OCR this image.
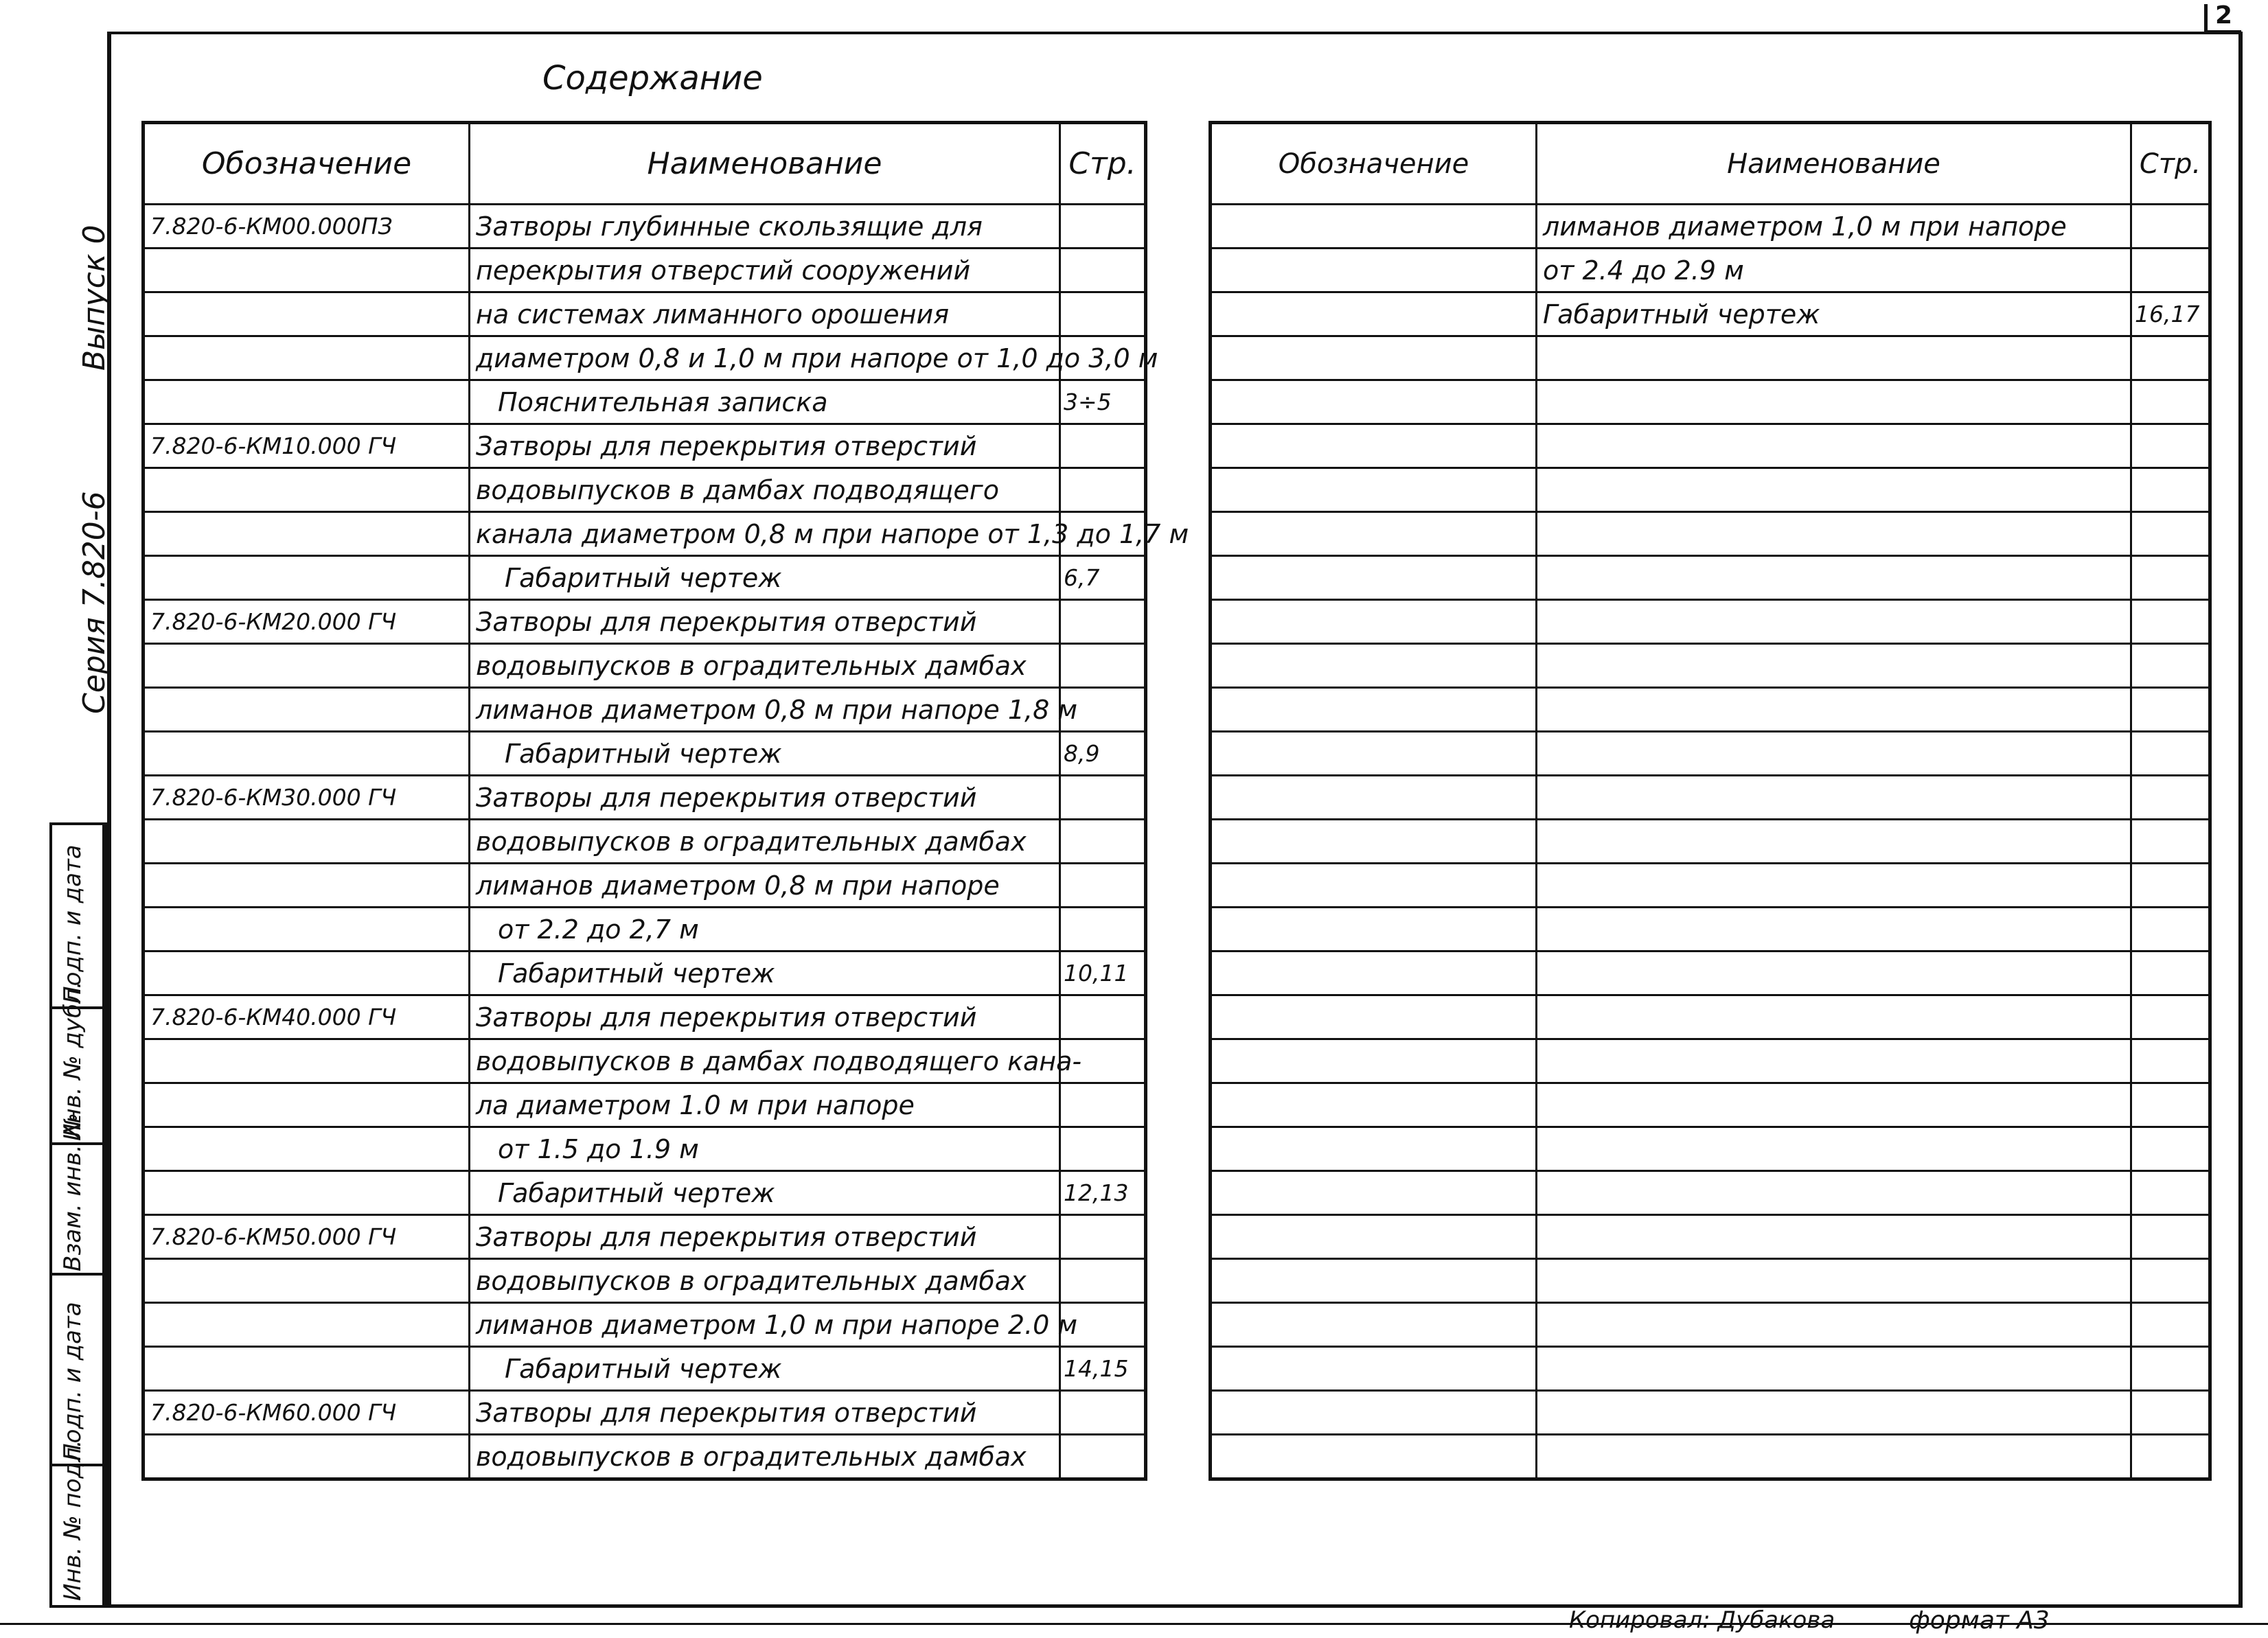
2
Содержание
Выпуск 0
Серия 7.820-6
Подп. и дата
Инв. № дубл.
Взам. инв. №
Подп. и дата
Инв. № подл.
Обозначение	Наименование	Стр.
7.820-6-КМ00.000ПЗ	Затворы глубинные скользящие для	
	перекрытия отверстий сооружений	
	на системах лиманного орошения	
	диаметром 0,8 и 1,0 м при напоре от 1,0 до 3,0 м	
	Пояснительная записка	3÷5
7.820-6-КМ10.000 ГЧ	Затворы для перекрытия отверстий	
	водовыпусков в дамбах подводящего	
	канала диаметром 0,8 м при напоре от 1,3 до 1,7 м	
	Габаритный чертеж	6,7
7.820-6-КМ20.000 ГЧ	Затворы для перекрытия отверстий	
	водовыпусков в оградительных дамбах	
	лиманов диаметром 0,8 м при напоре 1,8 м	
	Габаритный чертеж	8,9
7.820-6-КМ30.000 ГЧ	Затворы для перекрытия отверстий	
	водовыпусков в оградительных дамбах	
	лиманов диаметром 0,8 м при напоре	
	от 2.2 до 2,7 м	
	Габаритный чертеж	10,11
7.820-6-КМ40.000 ГЧ	Затворы для перекрытия отверстий	
	водовыпусков в дамбах подводящего кана-	
	ла диаметром 1.0 м при напоре	
	от 1.5 до 1.9 м	
	Габаритный чертеж	12,13
7.820-6-КМ50.000 ГЧ	Затворы для перекрытия отверстий	
	водовыпусков в оградительных дамбах	
	лиманов диаметром 1,0 м при напоре 2.0 м	
	Габаритный чертеж	14,15
7.820-6-КМ60.000 ГЧ	Затворы для перекрытия отверстий	
	водовыпусков в оградительных дамбах	
Обозначение	Наименование	Стр.
	лиманов диаметром 1,0 м при напоре	
	от 2.4 до 2.9 м	
	Габаритный чертеж	16,17

Копировал: Дубакова	формат А3
